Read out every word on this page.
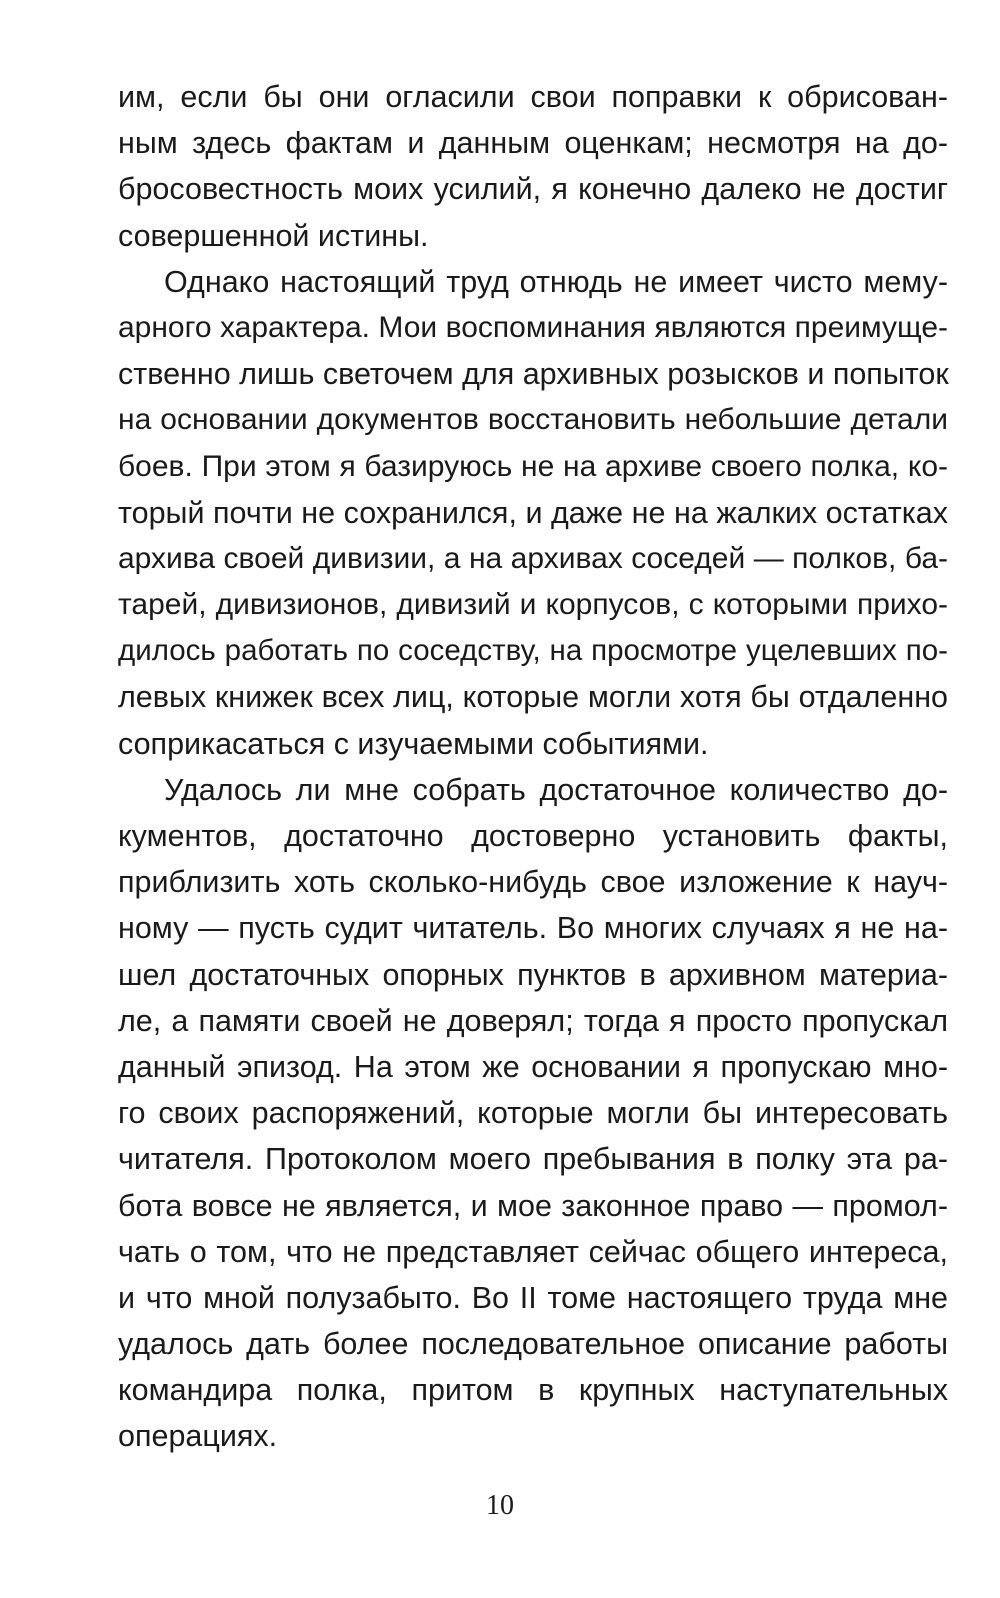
им, если бы они огласили свои поправки к обрисован-
ным здесь фактам и данным оценкам; несмотря на до-
бросовестность моих усилий, я конечно далеко не достиг
совершенной истины.

Однако настоящий труд отнюдь не имеет чисто мему-
арного характера. Мои воспоминания являются преимуще-
ственно лишь светочем для архивных розысков и попыток
на основании документов восстановить небольшие детали
боев. При этом я базируюсь не на архиве своего полка, ко-
торый почти не сохранился, и даже не на жалких остатках
архива своей дивизии, а на архивах соседей — полков, ба-
тарей, дивизионов, дивизий и корпусов, с которыми прихо-
дилось работать по соседству, на просмотре уцелевших по-
левых книжек всех лиц, которые могли хотя бы отдаленно
соприкасаться с изучаемыми событиями.

Удалось ли мне собрать достаточное количество до-
кументов, достаточно достоверно установить факты,
приблизить хоть сколько-нибудь свое изложение к науч-
ному — пусть судит читатель. Во многих случаях я не на-
шел достаточных опорных пунктов в архивном материа-
ле, а памяти своей не доверял; тогда я просто пропускал
данный эпизод. На этом же основании я пропускаю мно-
го своих распоряжений, которые могли бы интересовать
читателя. Протоколом моего пребывания в полку эта ра-
бота вовсе не является, и мое законное право — промол-
чать о том, что не представляет сейчас общего интереса,
и что мной полузабыто. Во II томе настоящего труда мне
удалось дать более последовательное описание работы
командира полка, притом в крупных наступательных
операциях.

10
